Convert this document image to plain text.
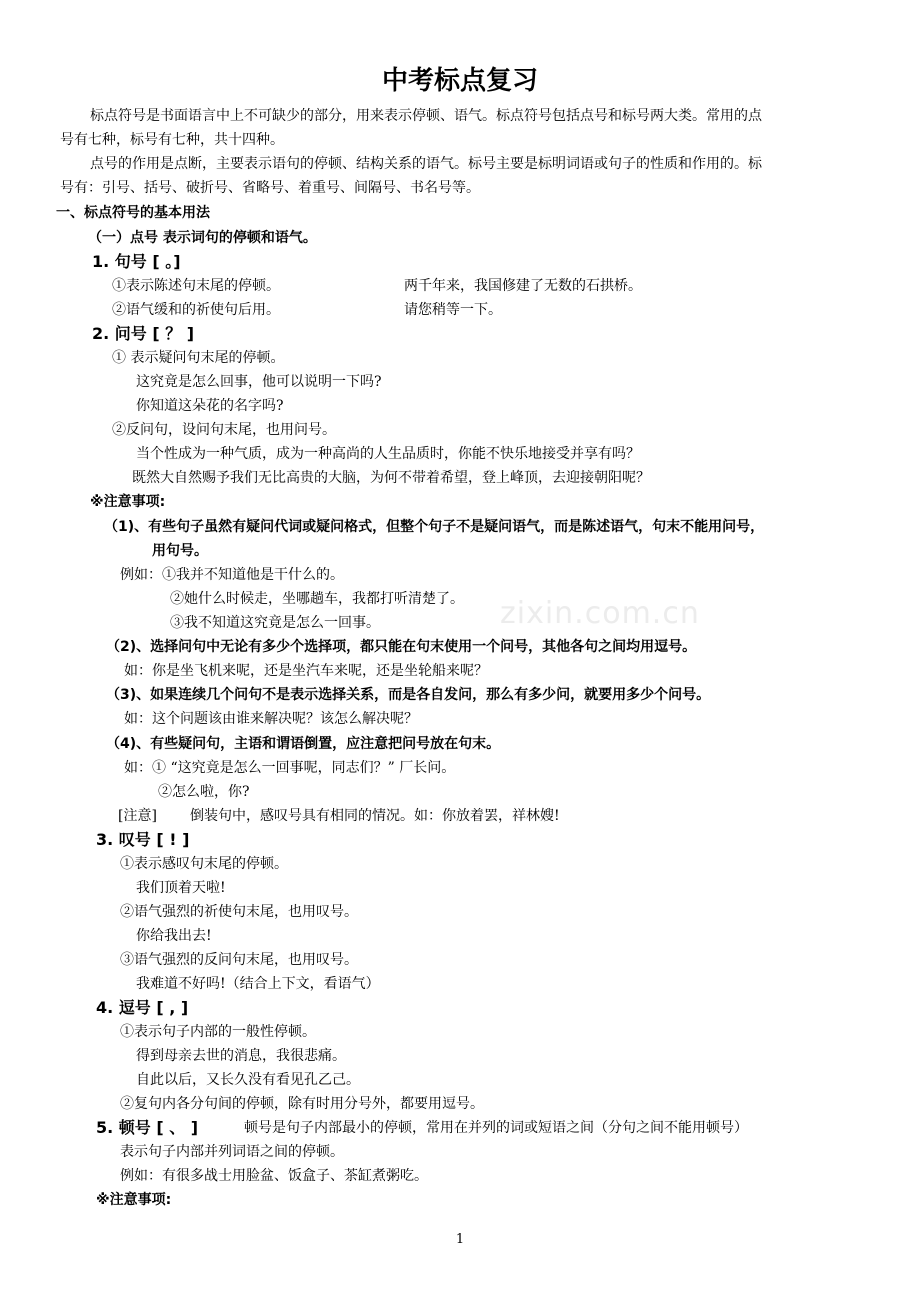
中考标点复习
标点符号是书面语言中上不可缺少的部分，用来表示停顿、语气。标点符号包括点号和标号两大类。常用的点
号有七种，标号有七种，共十四种。
点号的作用是点断，主要表示语句的停顿、结构关系的语气。标号主要是标明词语或句子的性质和作用的。标
号有：引号、括号、破折号、省略号、着重号、间隔号、书名号等。
一、标点符号的基本用法
（一）点号 表示词句的停顿和语气。
1. 句号 [ 。]
①表示陈述句末尾的停顿。	两千年来，我国修建了无数的石拱桥。
②语气缓和的祈使句后用。	请您稍等一下。
2. 问号 [ ？ ]
① 表示疑问句末尾的停顿。
这究竟是怎么回事，他可以说明一下吗?
你知道这朵花的名字吗?
②反问句，设问句末尾，也用问号。
当个性成为一种气质，成为一种高尚的人生品质时，你能不快乐地接受并享有吗？
既然大自然赐予我们无比高贵的大脑，为何不带着希望，登上峰顶，去迎接朝阳呢？
※注意事项:
（1)、有些句子虽然有疑问代词或疑问格式，但整个句子不是疑问语气，而是陈述语气，句末不能用问号，
用句号。
例如：①我并不知道他是干什么的。
②她什么时候走，坐哪趟车，我都打听清楚了。
③我不知道这究竟是怎么一回事。
（2)、选择问句中无论有多少个选择项，都只能在句末使用一个问号，其他各句之间均用逗号。
如：你是坐飞机来呢，还是坐汽车来呢，还是坐轮船来呢？
（3)、如果连续几个问句不是表示选择关系，而是各自发问，那么有多少问，就要用多少个问号。
如：这个问题该由谁来解决呢？该怎么解决呢？
（4)、有些疑问句，主语和谓语倒置，应注意把问号放在句末。
如：① “这究竟是怎么一回事呢，同志们？” 厂长问。
②怎么啦，你?
[注意] 倒装句中，感叹号具有相同的情况。如：你放着罢，祥林嫂!
3. 叹号 [ ! ]
①表示感叹句末尾的停顿。
我们顶着天啦!
②语气强烈的祈使句末尾，也用叹号。
你给我出去!
③语气强烈的反问句末尾，也用叹号。
我难道不好吗!（结合上下文，看语气）
4. 逗号 [ , ]
①表示句子内部的一般性停顿。
得到母亲去世的消息，我很悲痛。
自此以后，又长久没有看见孔乙己。
②复句内各分句间的停顿，除有时用分号外，都要用逗号。
5. 顿号 [ 、 ]	顿号是句子内部最小的停顿，常用在并列的词或短语之间（分句之间不能用顿号）
表示句子内部并列词语之间的停顿。
例如：有很多战士用脸盆、饭盒子、茶缸煮粥吃。
※注意事项:
zixin.com.cn
1
